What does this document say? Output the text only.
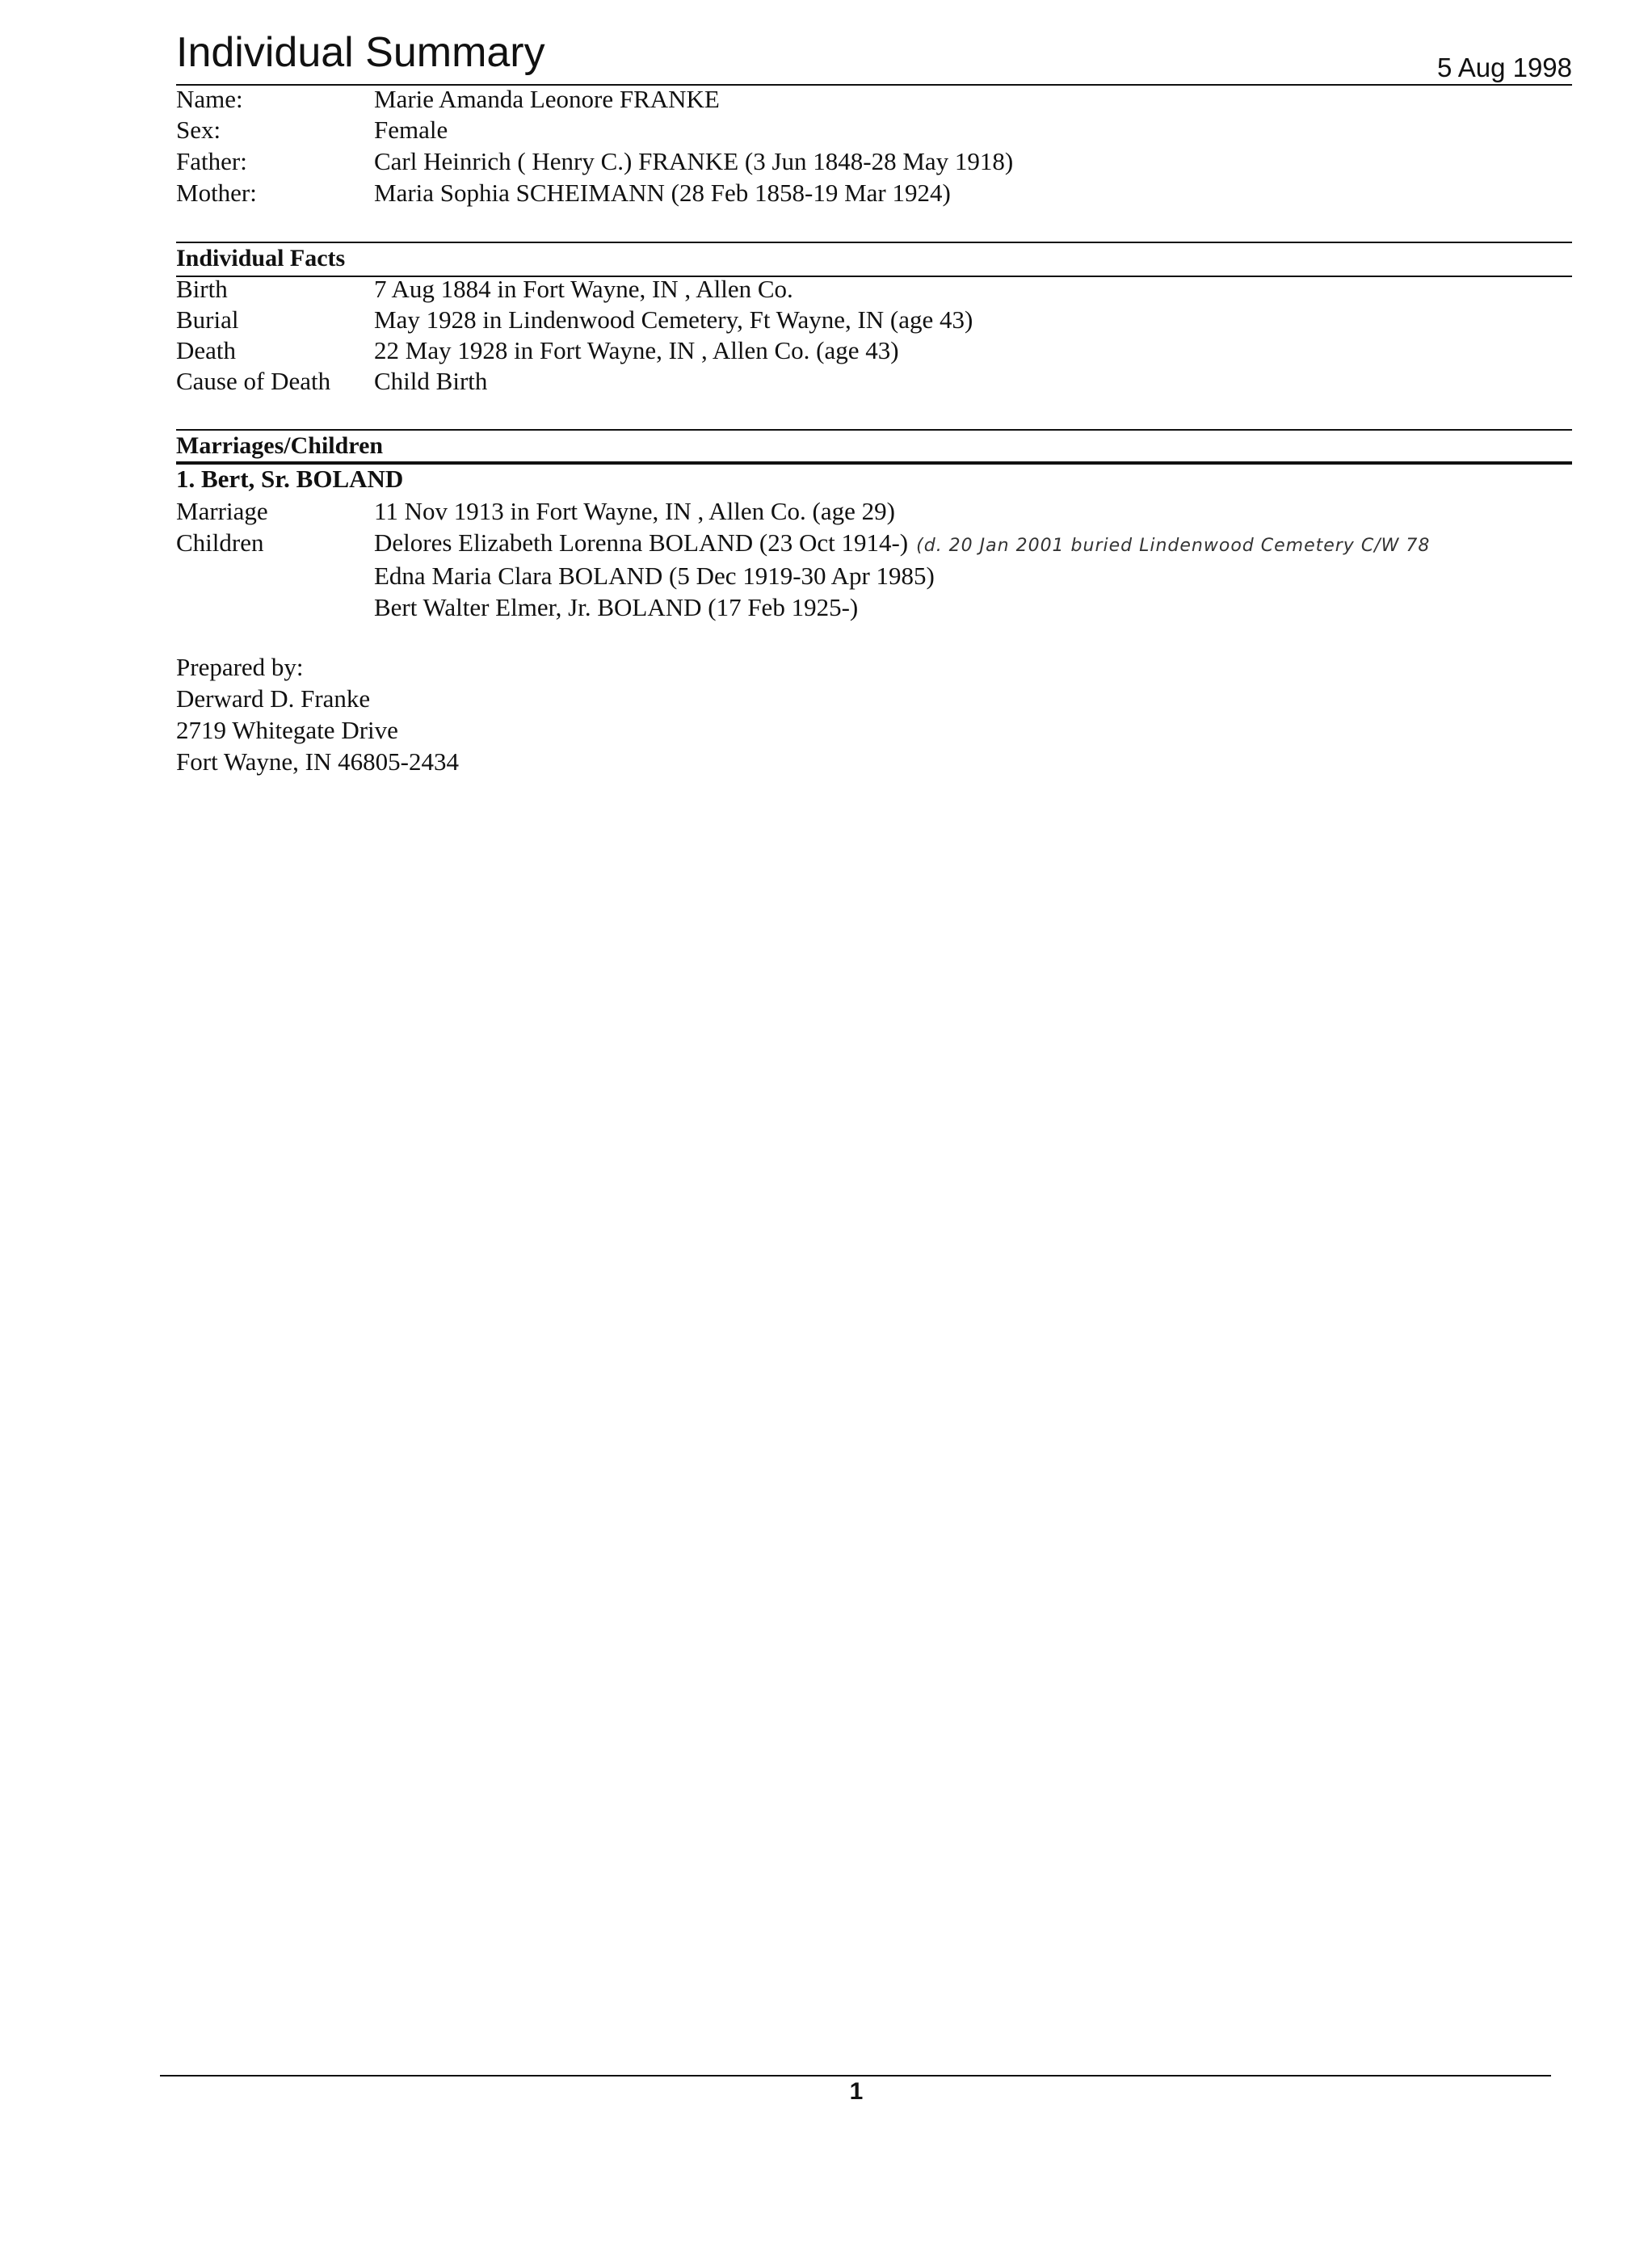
Individual Summary	5 Aug 1998
Name:	Marie Amanda Leonore FRANKE
Sex:	Female
Father:	Carl Heinrich ( Henry C.) FRANKE (3 Jun 1848-28 May 1918)
Mother:	Maria Sophia SCHEIMANN (28 Feb 1858-19 Mar 1924)
Individual Facts
Birth	7 Aug 1884 in Fort Wayne, IN , Allen Co.
Burial	May 1928 in Lindenwood Cemetery, Ft Wayne, IN (age 43)
Death	22 May 1928 in Fort Wayne, IN , Allen Co. (age 43)
Cause of Death Child Birth
Marriages/Children
1. Bert, Sr. BOLAND
Marriage	11 Nov 1913 in Fort Wayne, IN , Allen Co. (age 29)
Children	Delores Elizabeth Lorenna BOLAND (23 Oct 1914-) (d. 20 Jan 2001 buried Lindenwood Cemetery C/W 78
Edna Maria Clara BOLAND (5 Dec 1919-30 Apr 1985)
Bert Walter Elmer, Jr. BOLAND (17 Feb 1925-)
Prepared by:
Derward D. Franke
2719 Whitegate Drive
Fort Wayne, IN 46805-2434
1
